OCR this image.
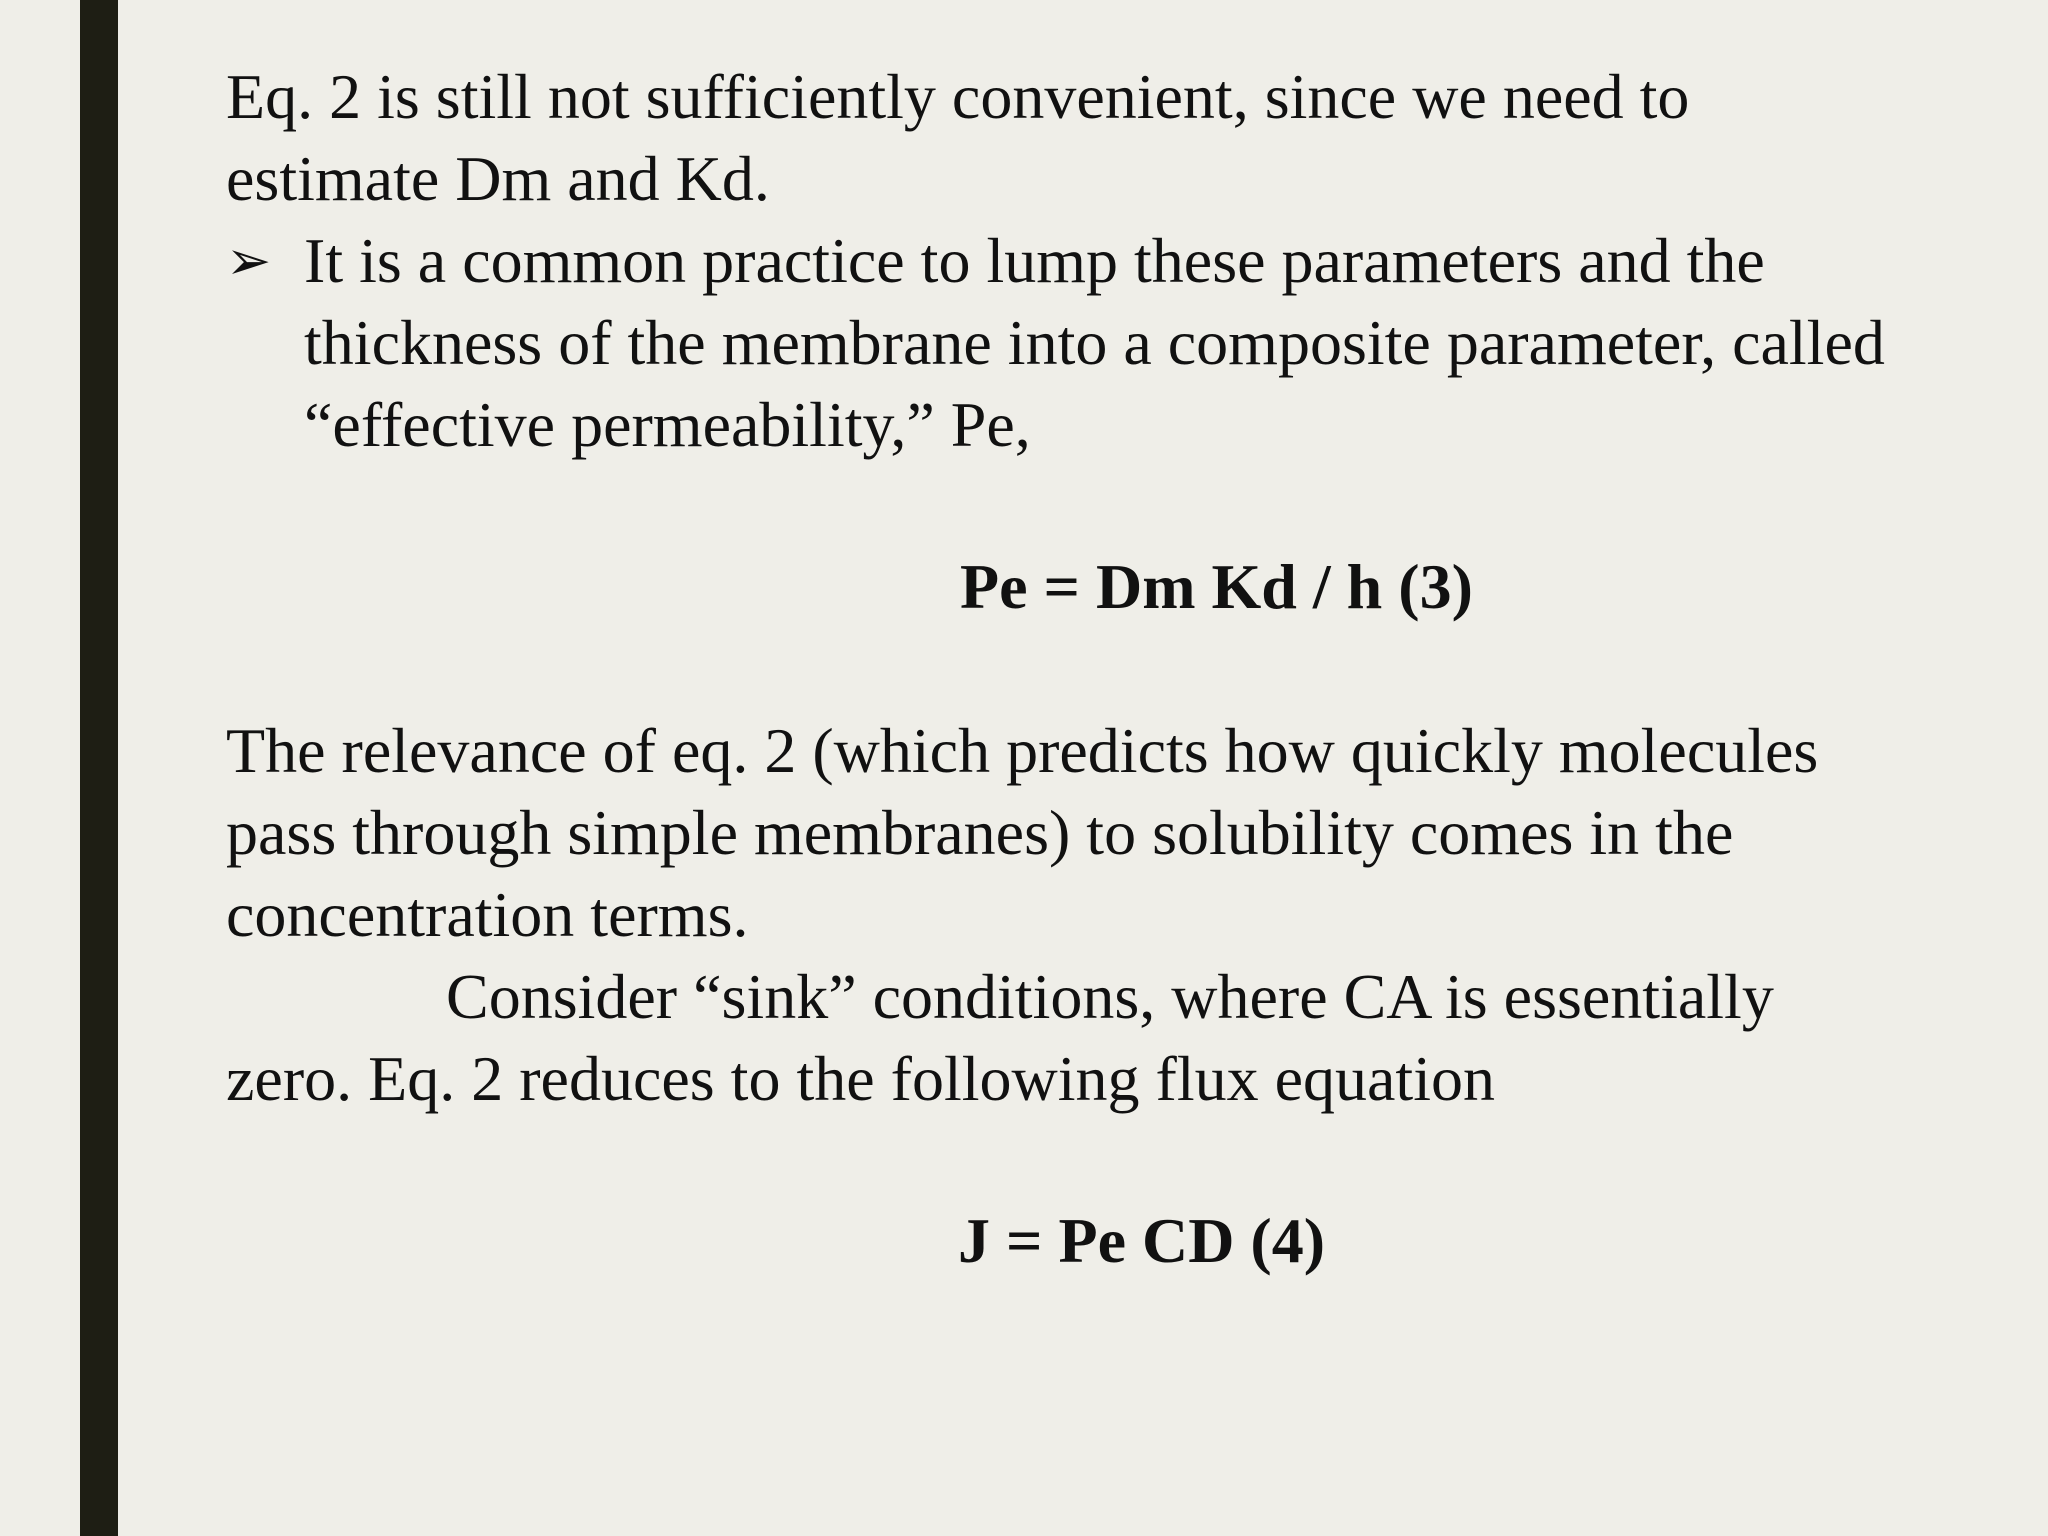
Eq. 2 is still not sufficiently convenient, since we need to
estimate Dm and Kd.

➢ It is a common practice to lump these parameters and the
thickness of the membrane into a composite parameter, called
“effective permeability,” Pe,

Pe = Dm Kd / h (3)

The relevance of eq. 2 (which predicts how quickly molecules
pass through simple membranes) to solubility comes in the
concentration terms.

Consider “sink” conditions, where CA is essentially

zero. Eq. 2 reduces to the following flux equation

J = Pe CD (4)
